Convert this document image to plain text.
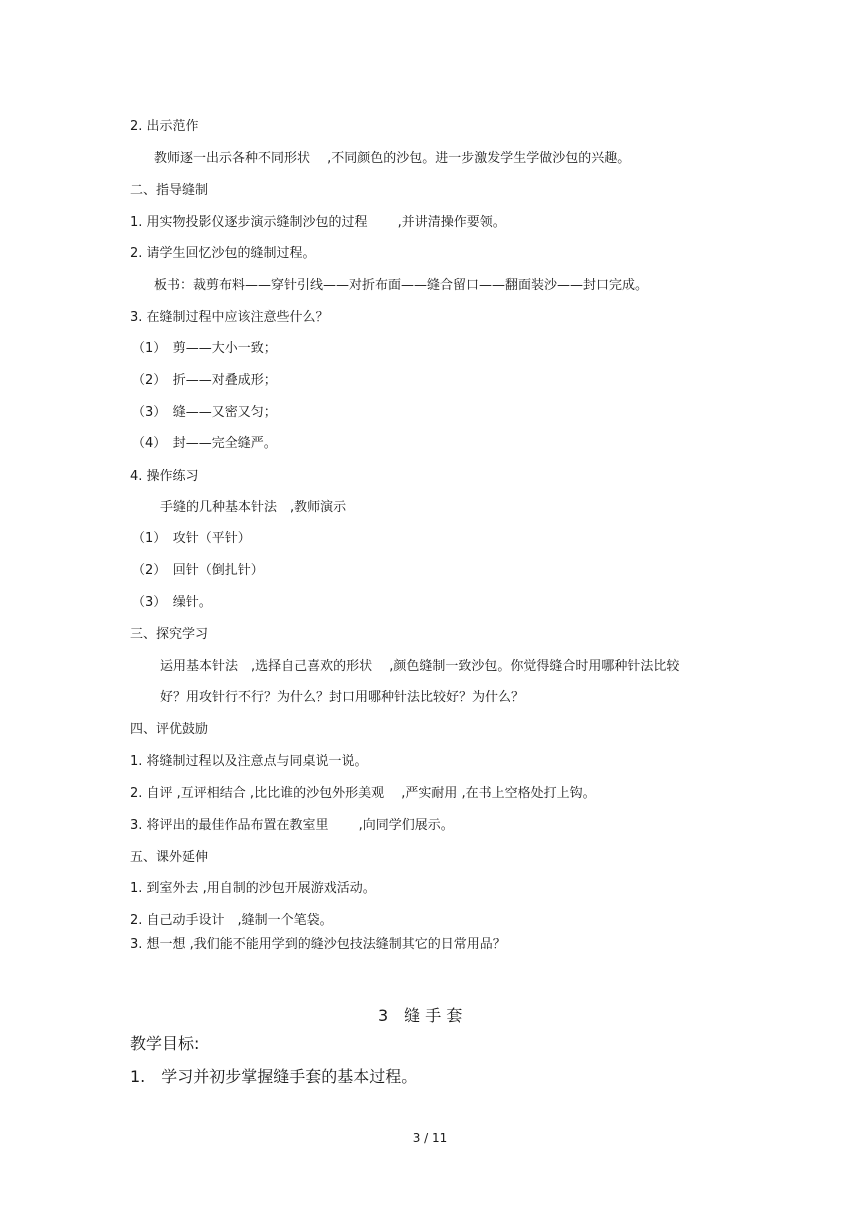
2. 出示范作
教师逐一出示各种不同形状　 ,不同颜色的沙包。进一步激发学生学做沙包的兴趣。
二、指导缝制
1. 用实物投影仪逐步演示缝制沙包的过程　　 ,并讲清操作要领。
2. 请学生回忆沙包的缝制过程。
板书：裁剪布料——穿针引线——对折布面——缝合留口——翻面装沙——封口完成。
3. 在缝制过程中应该注意些什么？
（1）　剪——大小一致；
（2）　折——对叠成形；
（3）　缝——又密又匀；
（4）　封——完全缝严。
4. 操作练习
手缝的几种基本针法　,教师演示
（1）　攻针（平针）
（2）　回针（倒扎针）
（3）　缲针。
三、探究学习
运用基本针法　,选择自己喜欢的形状　 ,颜色缝制一致沙包。你觉得缝合时用哪种针法比较
好？用攻针行不行？为什么？封口用哪种针法比较好？为什么？
四、评优鼓励
1. 将缝制过程以及注意点与同桌说一说。
2. 自评 ,互评相结合 ,比比谁的沙包外形美观　 ,严实耐用 ,在书上空格处打上钩。
3. 将评出的最佳作品布置在教室里　　 ,向同学们展示。
五、课外延伸
1. 到室外去 ,用自制的沙包开展游戏活动。
2. 自己动手设计　,缝制一个笔袋。
3. 想一想 ,我们能不能用学到的缝沙包技法缝制其它的日常用品？
3　缝 手 套
教学目标:
1.　学习并初步掌握缝手套的基本过程。
3 / 11
